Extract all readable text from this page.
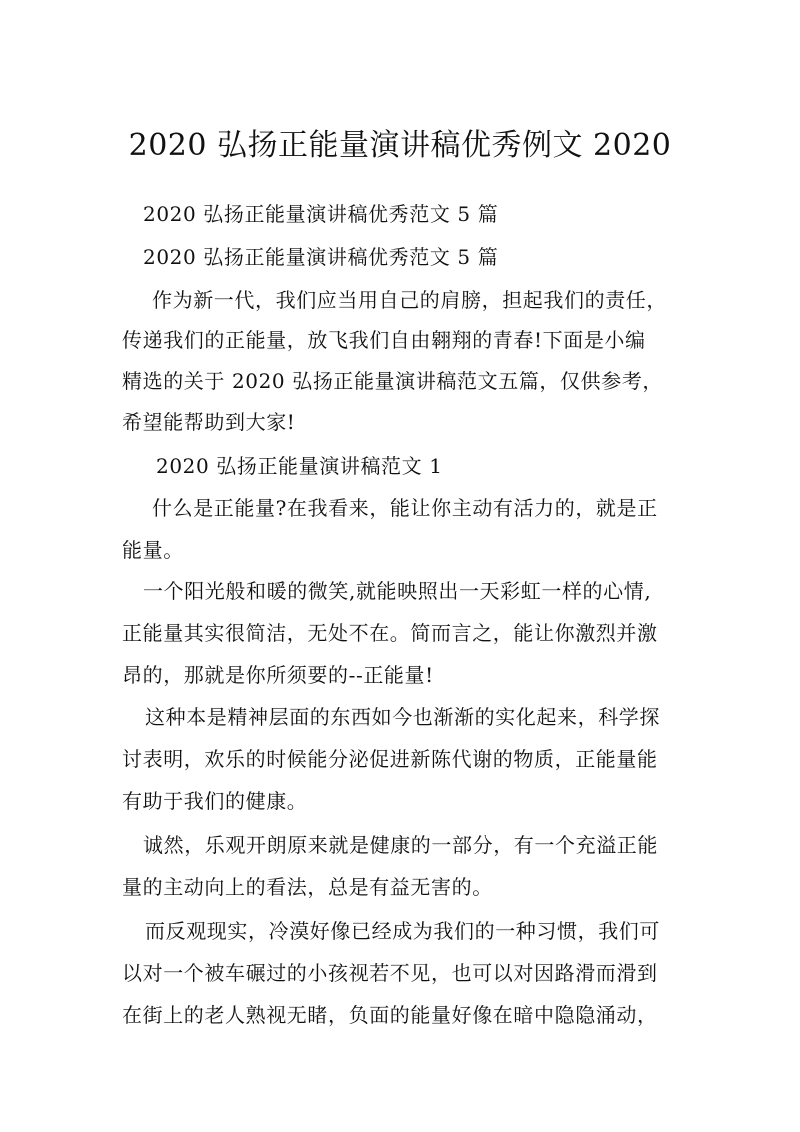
2020 弘扬正能量演讲稿优秀例文 2020
2020 弘扬正能量演讲稿优秀范文 5 篇
2020 弘扬正能量演讲稿优秀范文 5 篇
作为新一代，我们应当用自己的肩膀，担起我们的责任，
传递我们的正能量，放飞我们自由翱翔的青春!下面是小编
精选的关于 2020 弘扬正能量演讲稿范文五篇，仅供参考，
希望能帮助到大家!
2020 弘扬正能量演讲稿范文 1
什么是正能量?在我看来，能让你主动有活力的，就是正
能量。
一个阳光般和暖的微笑,就能映照出一天彩虹一样的心情,
正能量其实很简洁，无处不在。简而言之，能让你激烈并激
昂的，那就是你所须要的--正能量!
这种本是精神层面的东西如今也渐渐的实化起来，科学探
讨表明，欢乐的时候能分泌促进新陈代谢的物质，正能量能
有助于我们的健康。
诚然，乐观开朗原来就是健康的一部分，有一个充溢正能
量的主动向上的看法，总是有益无害的。
而反观现实，冷漠好像已经成为我们的一种习惯，我们可
以对一个被车碾过的小孩视若不见，也可以对因路滑而滑到
在街上的老人熟视无睹，负面的能量好像在暗中隐隐涌动，
